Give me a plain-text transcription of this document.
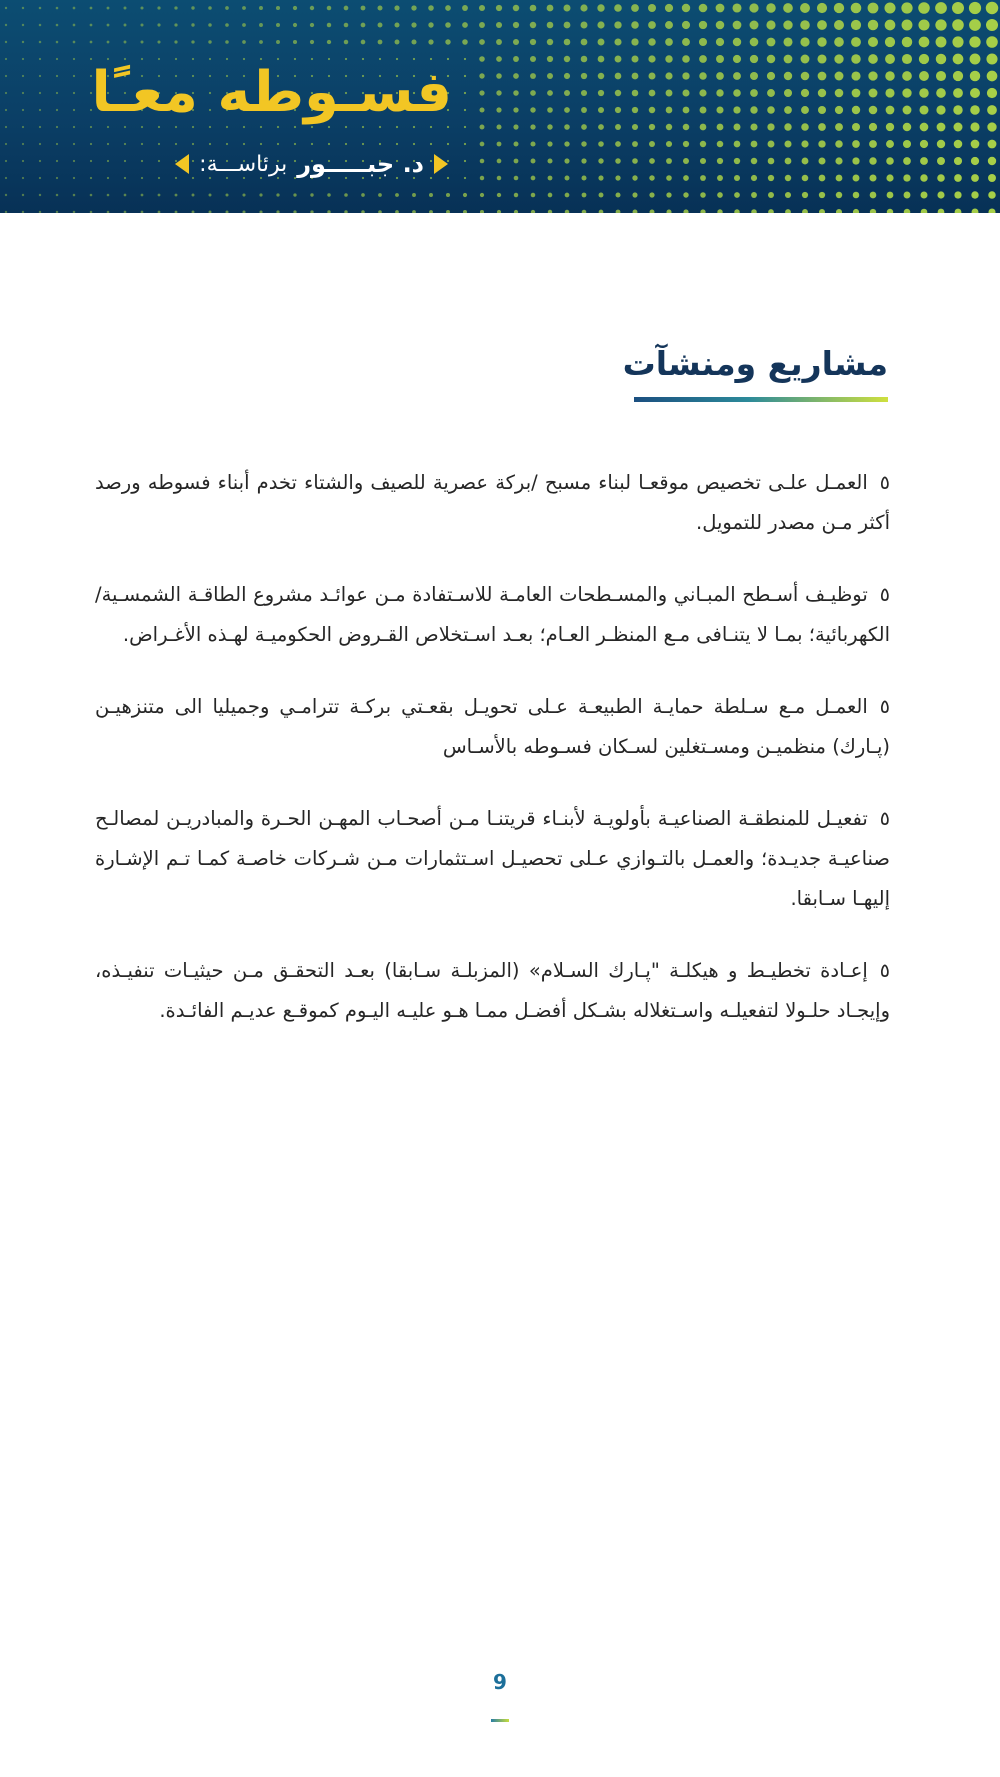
فسـوطه معـًا
برئاســـة: د. جبـــــور
مشاريع ومنشآت
٥العمـل علـى تخصيص موقعـا لبناء مسبح /بركة عصرية للصيف والشتاء تخدم أبناء فسوطه ورصد أكثر مـن مصدر للتمويل.
٥توظيـف أسـطح المبـاني والمسـطحات العامـة للاسـتفادة مـن عوائـد مشروع الطاقـة الشمسـية/الكهربائية؛ بمـا لا يتنـافى مـع المنظـر العـام؛ بعـد اسـتخلاص القـروض الحكوميـة لهـذه الأغـراض.
٥العمـل مـع سـلطة حمايـة الطبيعـة عـلى تحويـل بقعـتي بركـة تترامـي وجميليا الى متنزهيـن (پـارك) منظميـن ومسـتغلين لسـكان فسـوطه بالأسـاس
٥تفعيـل للمنطقـة الصناعيـة بأولويـة لأبنـاء قريتنـا مـن أصحـاب المهـن الحـرة والمبادريـن لمصالـح صناعيـة جديـدة؛ والعمـل بالتـوازي عـلى تحصيـل اسـتثمارات مـن شـركات خاصـة كمـا تـم الإشـارة إليهـا سـابقا.
٥إعـادة تخطيـط و هيكلـة "پـارك السـلام» (المزبلـة سـابقا) بعـد التحقـق مـن حيثيـات تنفيـذه، وإيجـاد حلـولا لتفعيلـه واسـتغلاله بشـكل أفضـل ممـا هـو عليـه اليـوم كموقـع عديـم الفائـدة.
9
